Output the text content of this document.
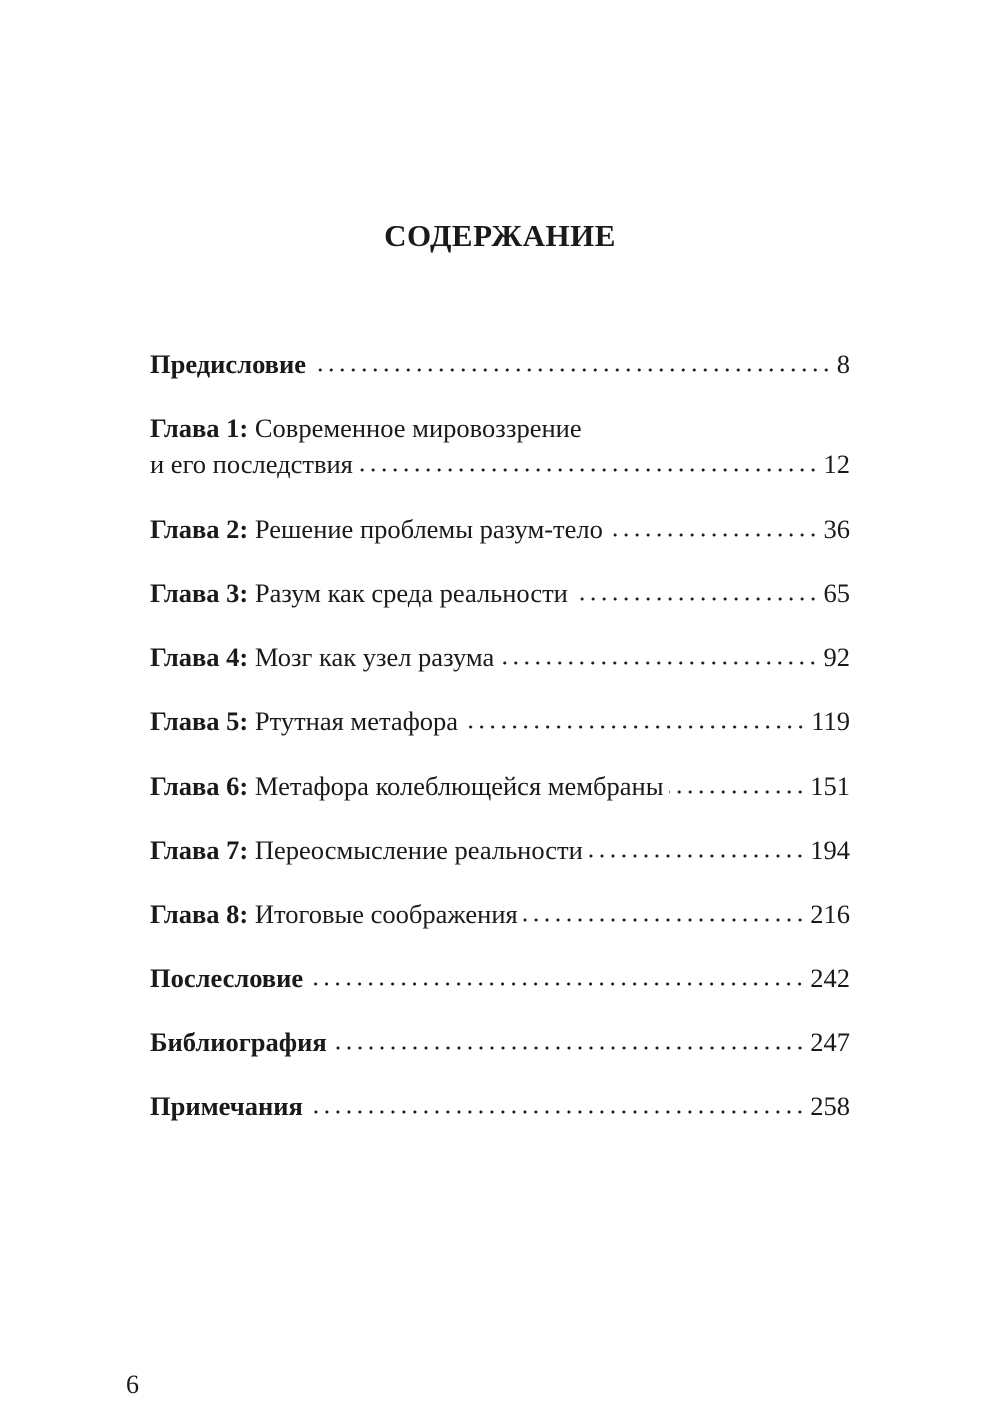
СОДЕРЖАНИЕ
Предисловие	8
Глава 1: Современное мировоззрение
и его последствия	12
Глава 2: Решение проблемы разум-тело	36
Глава 3: Разум как среда реальности	65
Глава 4: Мозг как узел разума	92
Глава 5: Ртутная метафора	119
Глава 6: Метафора колеблющейся мембраны	151
Глава 7: Переосмысление реальности	194
Глава 8: Итоговые соображения	216
Послесловие	242
Библиография	247
Примечания	258
6
